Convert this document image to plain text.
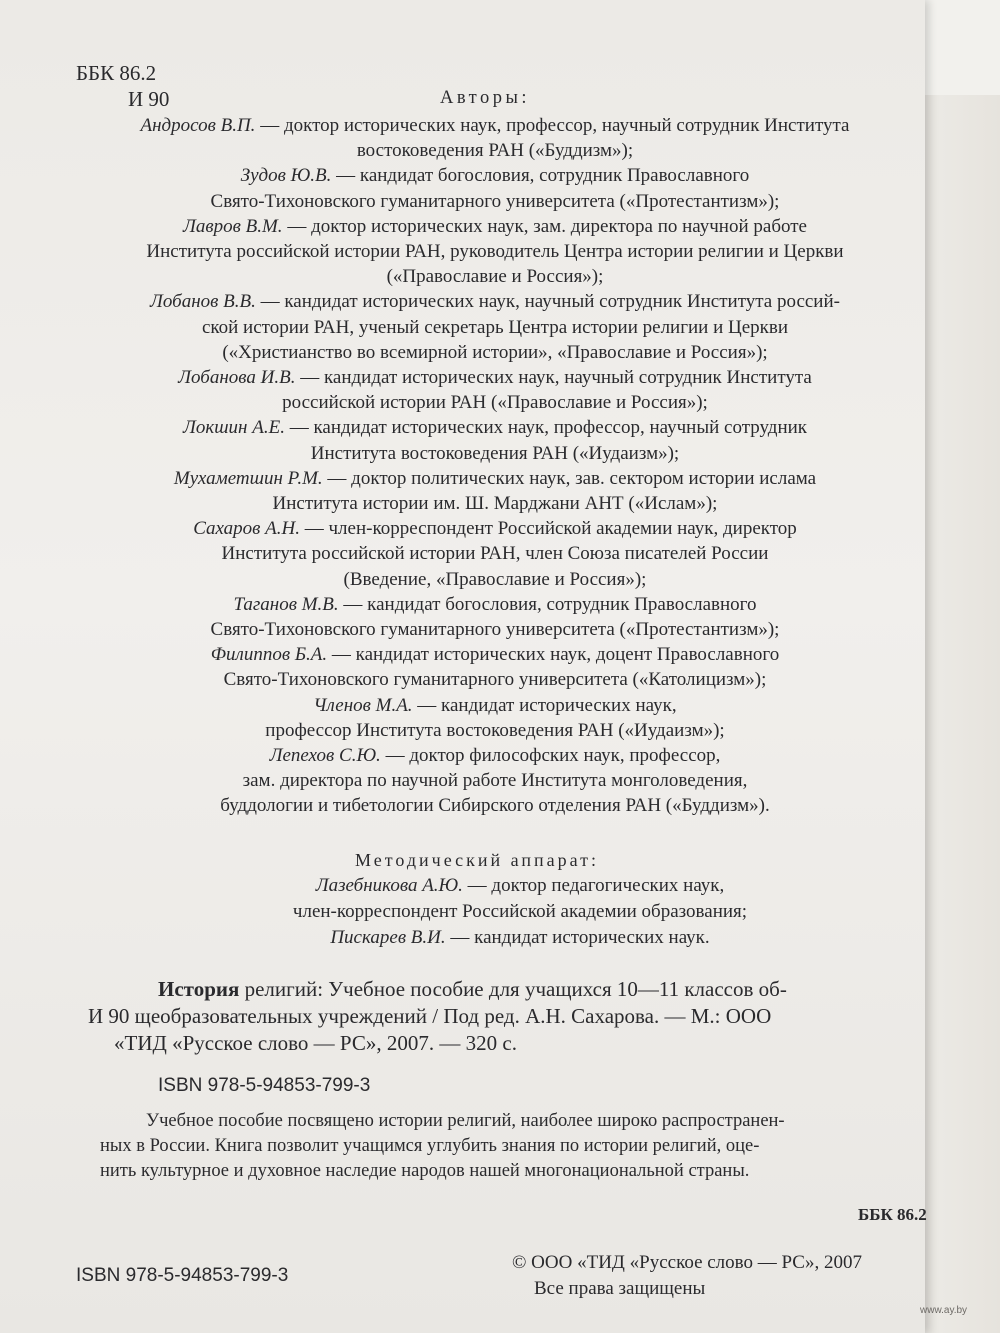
ББК 86.2
И 90	Авторы:
Андросов В.П. — доктор исторических наук, профессор, научный сотрудник Института
востоковедения РАН («Буддизм»);
Зудов Ю.В. — кандидат богословия, сотрудник Православного
Свято-Тихоновского гуманитарного университета («Протестантизм»);
Лавров В.М. — доктор исторических наук, зам. директора по научной работе
Института российской истории РАН, руководитель Центра истории религии и Церкви
(«Православие и Россия»);
Лобанов В.В. — кандидат исторических наук, научный сотрудник Института россий-
ской истории РАН, ученый секретарь Центра истории религии и Церкви
(«Христианство во всемирной истории», «Православие и Россия»);
Лобанова И.В. — кандидат исторических наук, научный сотрудник Института
российской истории РАН («Православие и Россия»);
Локшин А.Е. — кандидат исторических наук, профессор, научный сотрудник
Института востоковедения РАН («Иудаизм»);
Мухаметшин Р.М. — доктор политических наук, зав. сектором истории ислама
Института истории им. Ш. Марджани АНТ («Ислам»);
Сахаров А.Н. — член-корреспондент Российской академии наук, директор
Института российской истории РАН, член Союза писателей России
(Введение, «Православие и Россия»);
Таганов М.В. — кандидат богословия, сотрудник Православного
Свято-Тихоновского гуманитарного университета («Протестантизм»);
Филиппов Б.А. — кандидат исторических наук, доцент Православного
Свято-Тихоновского гуманитарного университета («Католицизм»);
Членов М.А. — кандидат исторических наук,
профессор Института востоковедения РАН («Иудаизм»);
Лепехов С.Ю. — доктор философских наук, профессор,
зам. директора по научной работе Института монголоведения,
буддологии и тибетологии Сибирского отделения РАН («Буддизм»).
Методический аппарат:
Лазебникова А.Ю. — доктор педагогических наук,
член-корреспондент Российской академии образования;
Пискарев В.И. — кандидат исторических наук.
История религий: Учебное пособие для учащихся 10—11 классов об-
И 90 щеобразовательных учреждений / Под ред. А.Н. Сахарова. — М.: ООО
«ТИД «Русское слово — РС», 2007. — 320 с.
ISBN 978-5-94853-799-3
Учебное пособие посвящено истории религий, наиболее широко распространен-
ных в России. Книга позволит учащимся углубить знания по истории религий, оце-
нить культурное и духовное наследие народов нашей многонациональной страны.
ББК 86.2
ISBN 978-5-94853-799-3
© ООО «ТИД «Русское слово — РС», 2007
Все права защищены
www.ay.by
